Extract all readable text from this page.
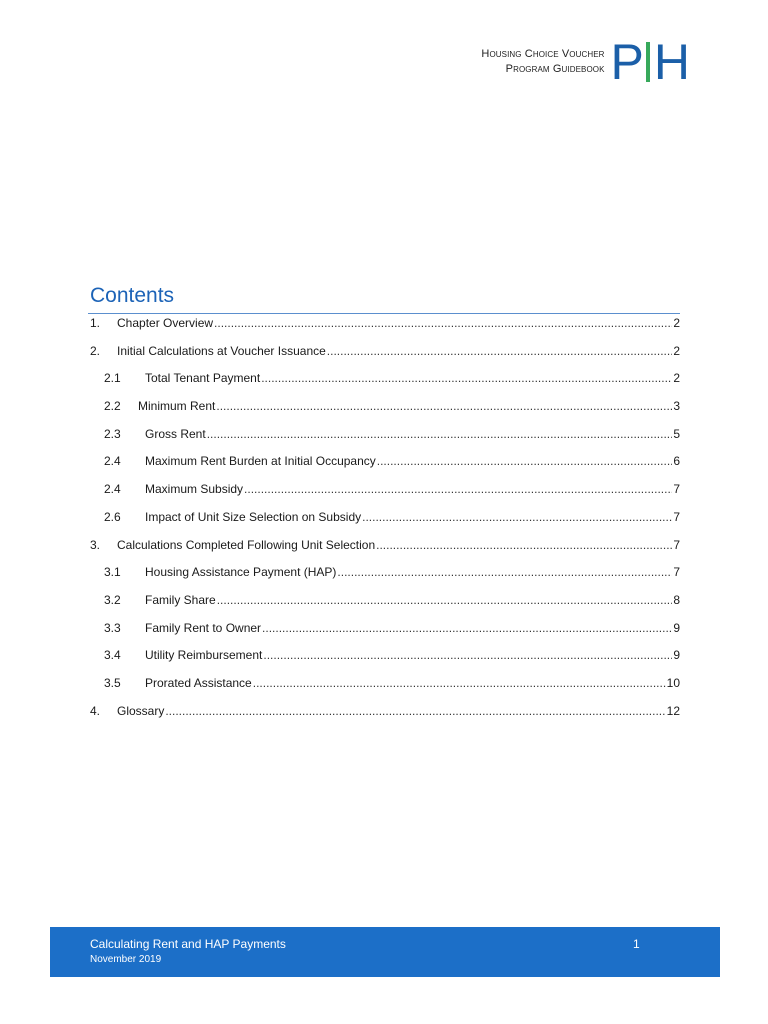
Housing Choice Voucher
Program Guidebook P H
Contents
1.	Chapter Overview .....	2
2.	Initial Calculations at Voucher Issuance .....	2
2.1	Total Tenant Payment .....	2
2.2	Minimum Rent .....	3
2.3	Gross Rent .....	5
2.4	Maximum Rent Burden at Initial Occupancy .....	6
2.4	Maximum Subsidy .....	7
2.6	Impact of Unit Size Selection on Subsidy .....	7
3.	Calculations Completed Following Unit Selection .....	7
3.1	Housing Assistance Payment (HAP) .....	7
3.2	Family Share .....	8
3.3	Family Rent to Owner .....	9
3.4	Utility Reimbursement .....	9
3.5	Prorated Assistance .....	10
4.	Glossary .....	12
Calculating Rent and HAP Payments
November 2019
1
